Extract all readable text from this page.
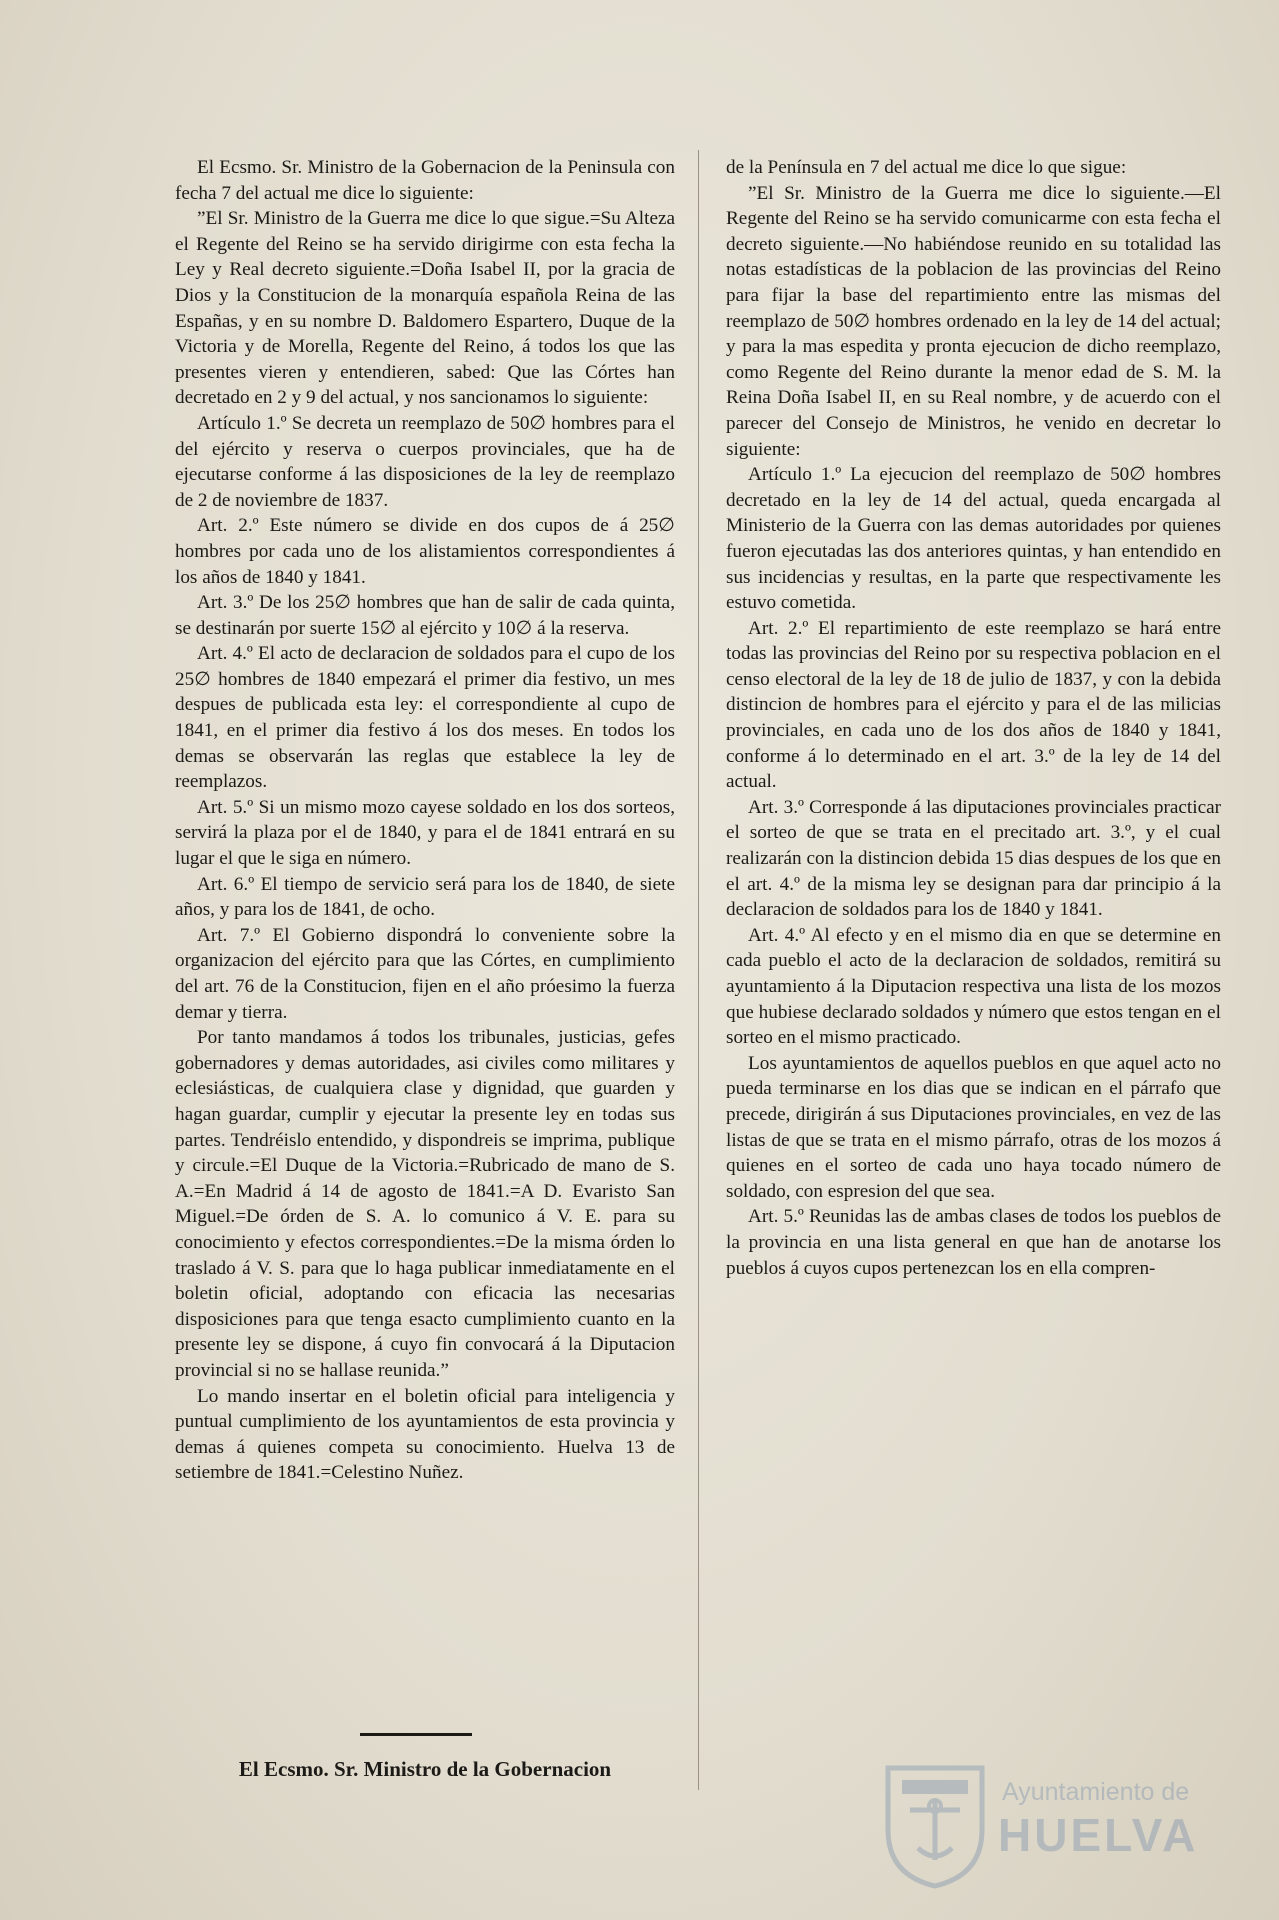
El Ecsmo. Sr. Ministro de la Gobernacion de la Peninsula con fecha 7 del actual me dice lo siguiente:

”El Sr. Ministro de la Guerra me dice lo que sigue.=Su Alteza el Regente del Reino se ha servido dirigirme con esta fecha la Ley y Real decreto siguiente.=Doña Isabel II, por la gracia de Dios y la Constitucion de la monarquía española Reina de las Españas, y en su nombre D. Baldomero Espartero, Duque de la Victoria y de Morella, Regente del Reino, á todos los que las presentes vieren y entendieren, sabed: Que las Córtes han decretado en 2 y 9 del actual, y nos sancionamos lo siguiente:

Artículo 1.º Se decreta un reemplazo de 50∅ hombres para el del ejército y reserva o cuerpos provinciales, que ha de ejecutarse conforme á las disposiciones de la ley de reemplazo de 2 de noviembre de 1837.

Art. 2.º Este número se divide en dos cupos de á 25∅ hombres por cada uno de los alistamientos correspondientes á los años de 1840 y 1841.

Art. 3.º De los 25∅ hombres que han de salir de cada quinta, se destinarán por suerte 15∅ al ejército y 10∅ á la reserva.

Art. 4.º El acto de declaracion de soldados para el cupo de los 25∅ hombres de 1840 empezará el primer dia festivo, un mes despues de publicada esta ley: el correspondiente al cupo de 1841, en el primer dia festivo á los dos meses. En todos los demas se observarán las reglas que establece la ley de reemplazos.

Art. 5.º Si un mismo mozo cayese soldado en los dos sorteos, servirá la plaza por el de 1840, y para el de 1841 entrará en su lugar el que le siga en número.

Art. 6.º El tiempo de servicio será para los de 1840, de siete años, y para los de 1841, de ocho.

Art. 7.º El Gobierno dispondrá lo conveniente sobre la organizacion del ejército para que las Córtes, en cumplimiento del art. 76 de la Constitucion, fijen en el año próesimo la fuerza demar y tierra.

Por tanto mandamos á todos los tribunales, justicias, gefes gobernadores y demas autoridades, asi civiles como militares y eclesiásticas, de cualquiera clase y dignidad, que guarden y hagan guardar, cumplir y ejecutar la presente ley en todas sus partes. Tendréislo entendido, y dispondreis se imprima, publique y circule.=El Duque de la Victoria.=Rubricado de mano de S. A.=En Madrid á 14 de agosto de 1841.=A D. Evaristo San Miguel.=De órden de S. A. lo comunico á V. E. para su conocimiento y efectos correspondientes.=De la misma órden lo traslado á V. S. para que lo haga publicar inmediatamente en el boletin oficial, adoptando con eficacia las necesarias disposiciones para que tenga esacto cumplimiento cuanto en la presente ley se dispone, á cuyo fin convocará á la Diputacion provincial si no se hallase reunida.”

Lo mando insertar en el boletin oficial para inteligencia y puntual cumplimiento de los ayuntamientos de esta provincia y demas á quienes competa su conocimiento. Huelva 13 de setiembre de 1841.=Celestino Nuñez.

El Ecsmo. Sr. Ministro de la Gobernacion

de la Península en 7 del actual me dice lo que sigue:

”El Sr. Ministro de la Guerra me dice lo siguiente.—El Regente del Reino se ha servido comunicarme con esta fecha el decreto siguiente.—No habiéndose reunido en su totalidad las notas estadísticas de la poblacion de las provincias del Reino para fijar la base del repartimiento entre las mismas del reemplazo de 50∅ hombres ordenado en la ley de 14 del actual; y para la mas espedita y pronta ejecucion de dicho reemplazo, como Regente del Reino durante la menor edad de S. M. la Reina Doña Isabel II, en su Real nombre, y de acuerdo con el parecer del Consejo de Ministros, he venido en decretar lo siguiente:

Artículo 1.º La ejecucion del reemplazo de 50∅ hombres decretado en la ley de 14 del actual, queda encargada al Ministerio de la Guerra con las demas autoridades por quienes fueron ejecutadas las dos anteriores quintas, y han entendido en sus incidencias y resultas, en la parte que respectivamente les estuvo cometida.

Art. 2.º El repartimiento de este reemplazo se hará entre todas las provincias del Reino por su respectiva poblacion en el censo electoral de la ley de 18 de julio de 1837, y con la debida distincion de hombres para el ejército y para el de las milicias provinciales, en cada uno de los dos años de 1840 y 1841, conforme á lo determinado en el art. 3.º de la ley de 14 del actual.

Art. 3.º Corresponde á las diputaciones provinciales practicar el sorteo de que se trata en el precitado art. 3.º, y el cual realizarán con la distincion debida 15 dias despues de los que en el art. 4.º de la misma ley se designan para dar principio á la declaracion de soldados para los de 1840 y 1841.

Art. 4.º Al efecto y en el mismo dia en que se determine en cada pueblo el acto de la declaracion de soldados, remitirá su ayuntamiento á la Diputacion respectiva una lista de los mozos que hubiese declarado soldados y número que estos tengan en el sorteo en el mismo practicado.

Los ayuntamientos de aquellos pueblos en que aquel acto no pueda terminarse en los dias que se indican en el párrafo que precede, dirigirán á sus Diputaciones provinciales, en vez de las listas de que se trata en el mismo párrafo, otras de los mozos á quienes en el sorteo de cada uno haya tocado número de soldado, con espresion del que sea.

Art. 5.º Reunidas las de ambas clases de todos los pueblos de la provincia en una lista general en que han de anotarse los pueblos á cuyos cupos pertenezcan los en ella compren-

Ayuntamiento de
HUELVA
